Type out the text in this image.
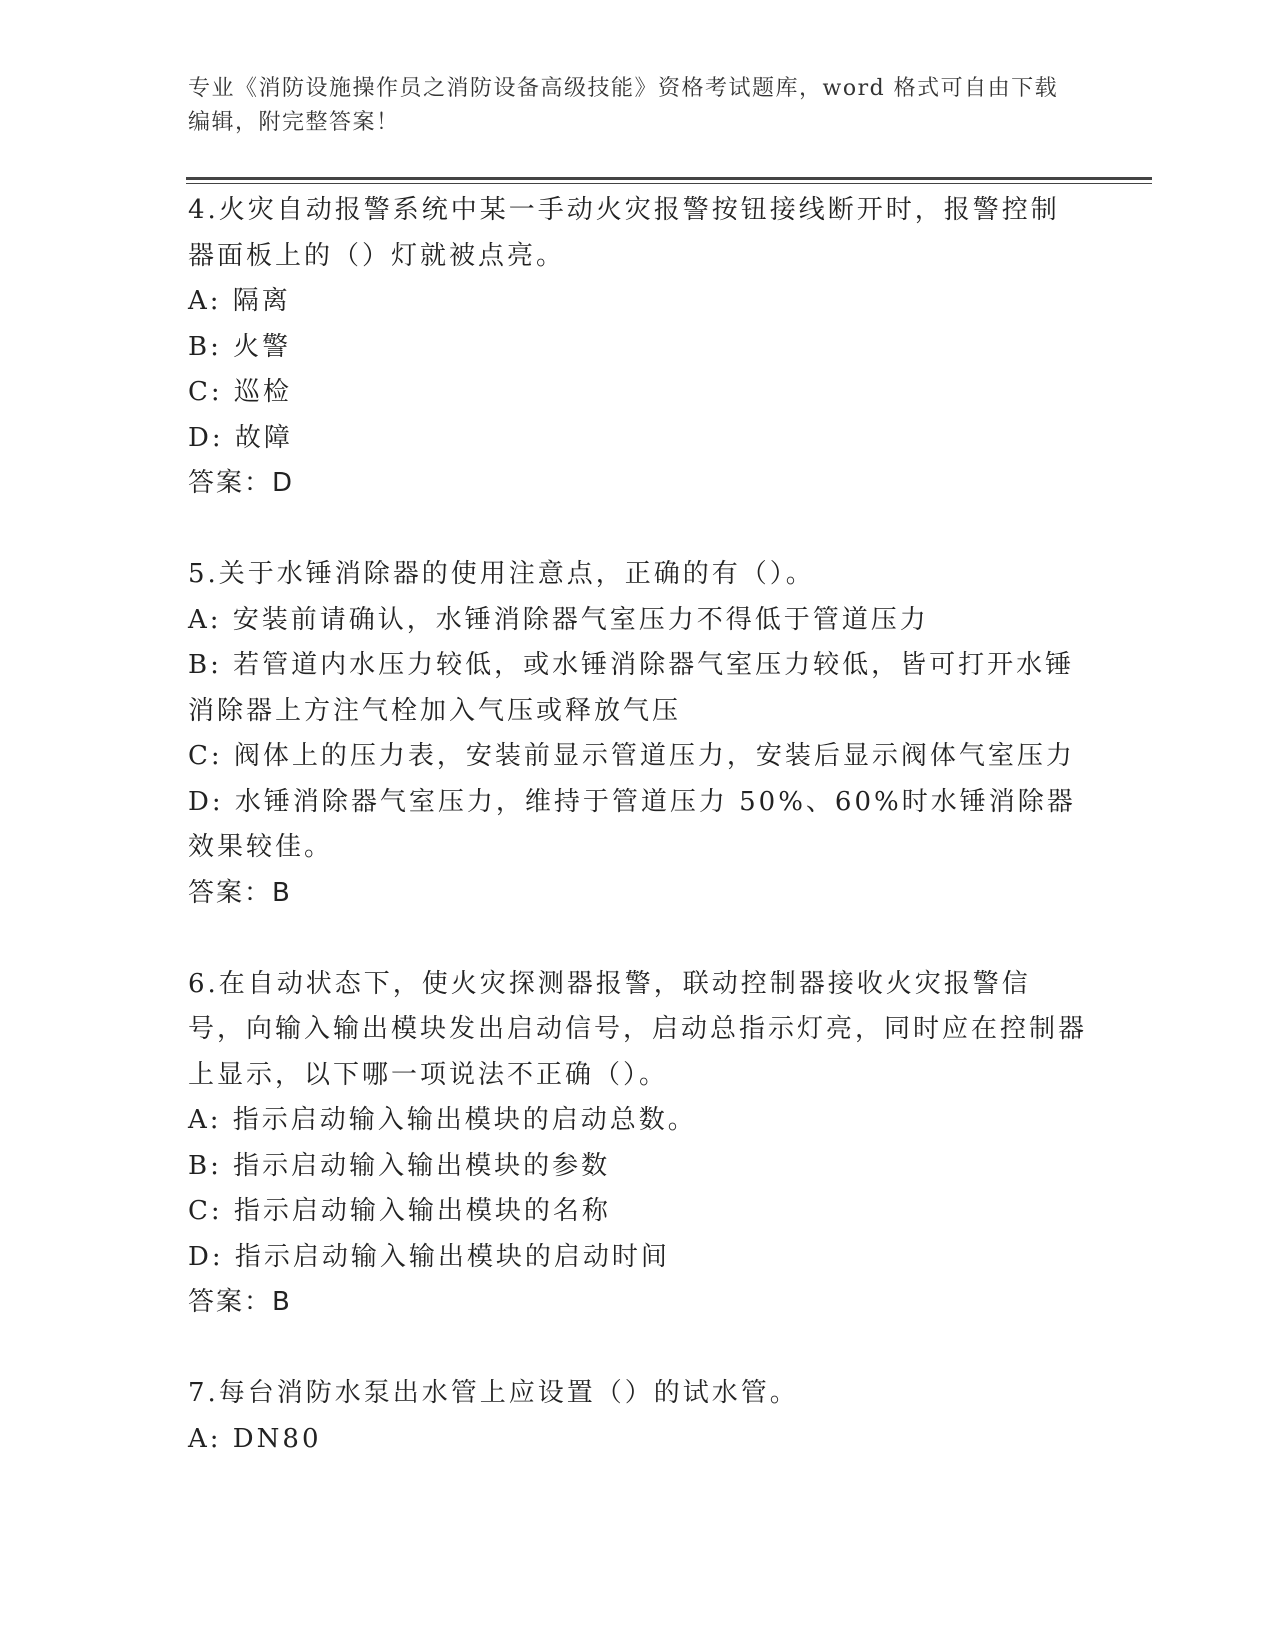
专业《消防设施操作员之消防设备高级技能》资格考试题库，word 格式可自由下载编辑，附完整答案！

4.火灾自动报警系统中某一手动火灾报警按钮接线断开时，报警控制器面板上的（）灯就被点亮。

A: 隔离

B: 火警

C: 巡检

D: 故障

答案：D

5.关于水锤消除器的使用注意点，正确的有（）。

A: 安装前请确认，水锤消除器气室压力不得低于管道压力

B: 若管道内水压力较低，或水锤消除器气室压力较低，皆可打开水锤消除器上方注气栓加入气压或释放气压

C: 阀体上的压力表，安装前显示管道压力，安装后显示阀体气室压力

D: 水锤消除器气室压力，维持于管道压力 50%、60%时水锤消除器效果较佳。

答案：B

6.在自动状态下，使火灾探测器报警，联动控制器接收火灾报警信号，向输入输出模块发出启动信号，启动总指示灯亮，同时应在控制器上显示，以下哪一项说法不正确（）。

A: 指示启动输入输出模块的启动总数。

B: 指示启动输入输出模块的参数

C: 指示启动输入输出模块的名称

D: 指示启动输入输出模块的启动时间

答案：B

7.每台消防水泵出水管上应设置（）的试水管。

A: DN80
